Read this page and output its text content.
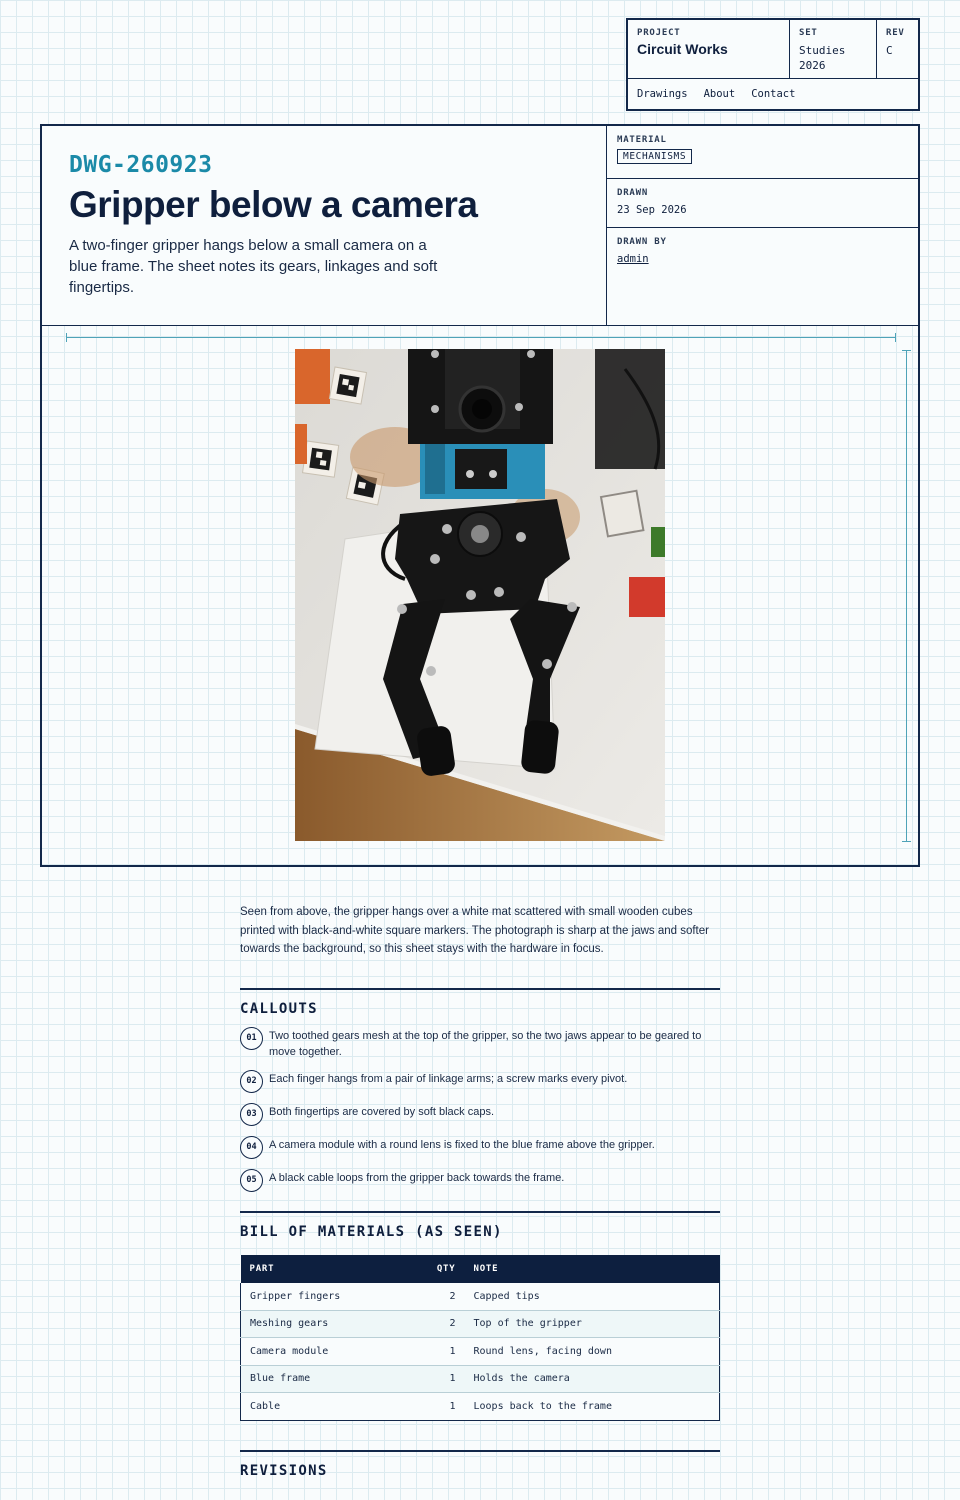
PROJECT
Circuit Works
SET
Studies 2026
REV
C
Drawings About Contact
DWG-260923
Gripper below a camera

A two-finger gripper hangs below a small camera on a blue frame. The sheet notes its gears, linkages and soft fingertips.

MATERIAL
MECHANISMS
DRAWN
23 Sep 2026
DRAWN BY
admin

Seen from above, the gripper hangs over a white mat scattered with small wooden cubes printed with black-and-white square markers. The photograph is sharp at the jaws and softer towards the background, so this sheet stays with the hardware in focus.

CALLOUTS
01	Two toothed gears mesh at the top of the gripper, so the two jaws appear to be geared to move together.
02	Each finger hangs from a pair of linkage arms; a screw marks every pivot.
03	Both fingertips are covered by soft black caps.
04	A camera module with a round lens is fixed to the blue frame above the gripper.
05	A black cable loops from the gripper back towards the frame.
BILL OF MATERIALS (AS SEEN)
PART	QTY	NOTE
Gripper fingers	2	Capped tips
Meshing gears	2	Top of the gripper
Camera module	1	Round lens, facing down
Blue frame	1	Holds the camera
Cable	1	Loops back to the frame
REVISIONS
